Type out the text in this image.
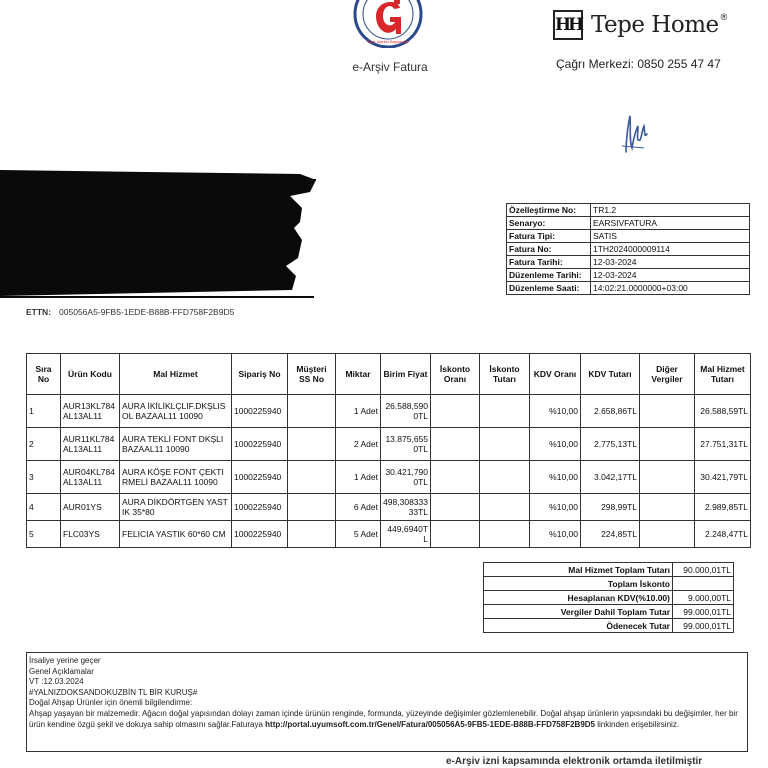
Gelir İdaresi Başkanlığı
e-Arşiv Fatura
HH Tepe Home ®
Çağrı Merkezi: 0850 255 47 47
ETTN: 005056A5-9FB5-1EDE-B88B-FFD758F2B9D5
Özelleştirme No:	TR1.2
Senaryo:	EARSIVFATURA
Fatura Tipi:	SATIS
Fatura No:	1TH2024000009114
Fatura Tarihi:	12-03-2024
Düzenleme Tarihi:	12-03-2024
Düzenleme Saati:	14:02:21.0000000+03:00
Sıra No	Ürün Kodu	Mal Hizmet	Sipariş No	Müşteri SS No	Miktar	Birim Fiyat	İskonto Oranı	İskonto Tutarı	KDV Oranı	KDV Tutarı	Diğer Vergiler	Mal Hizmet Tutarı
1	AUR13KL784AL13AL11	AURA İKİLİKLÇLIF.DKŞLISOL BAZAAL11 10090	1000225940		1 Adet	26.588,5900TL			%10,00	2.658,86TL		26.588,59TL
2	AUR11KL784AL13AL11	AURA TEKLİ FONT DKŞLI BAZAAL11 10090	1000225940		2 Adet	13.875,6550TL			%10,00	2.775,13TL		27.751,31TL
3	AUR04KL784AL13AL11	AURA KÖŞE FONT ÇEKTIRMELİ BAZAAL11 10090	1000225940		1 Adet	30.421,7900TL			%10,00	3.042,17TL		30.421,79TL
4	AUR01YS	AURA DİKDÖRTGEN YASTIK 35*80	1000225940		6 Adet	498,30833333TL			%10,00	298,99TL		2.989,85TL
5	FLC03YS	FELICIA YASTIK 60*60 CM	1000225940		5 Adet	449,6940TL			%10,00	224,85TL		2.248,47TL
Mal Hizmet Toplam Tutarı	90.000,01TL
Toplam İskonto	
Hesaplanan KDV(%10.00)	9.000,00TL
Vergiler Dahil Toplam Tutar	99.000,01TL
Ödenecek Tutar	99.000,01TL
İrsaliye yerine geçer
Genel Açıklamalar
VT :12.03.2024
#YALNIZDOKSANDOKUZBİN TL BİR KURUŞ#
Doğal Ahşap Ürünler için önemli bilgilendirme:
Ahşap yaşayan bir malzemedir. Ağacın doğal yapısından dolayı zaman içinde ürünün renginde, formunda, yüzeyinde değişimler gözlemlenebilir. Doğal ahşap ürünlerin yapısındaki bu değişimler, her bir ürün kendine özgü şekil ve dokuya sahip olmasını sağlar.Faturaya http://portal.uyumsoft.com.tr/Genel/Fatura/005056A5-9FB5-1EDE-B88B-FFD758F2B9D5 linkinden erişebilirsiniz.
e-Arşiv izni kapsamında elektronik ortamda iletilmiştir
